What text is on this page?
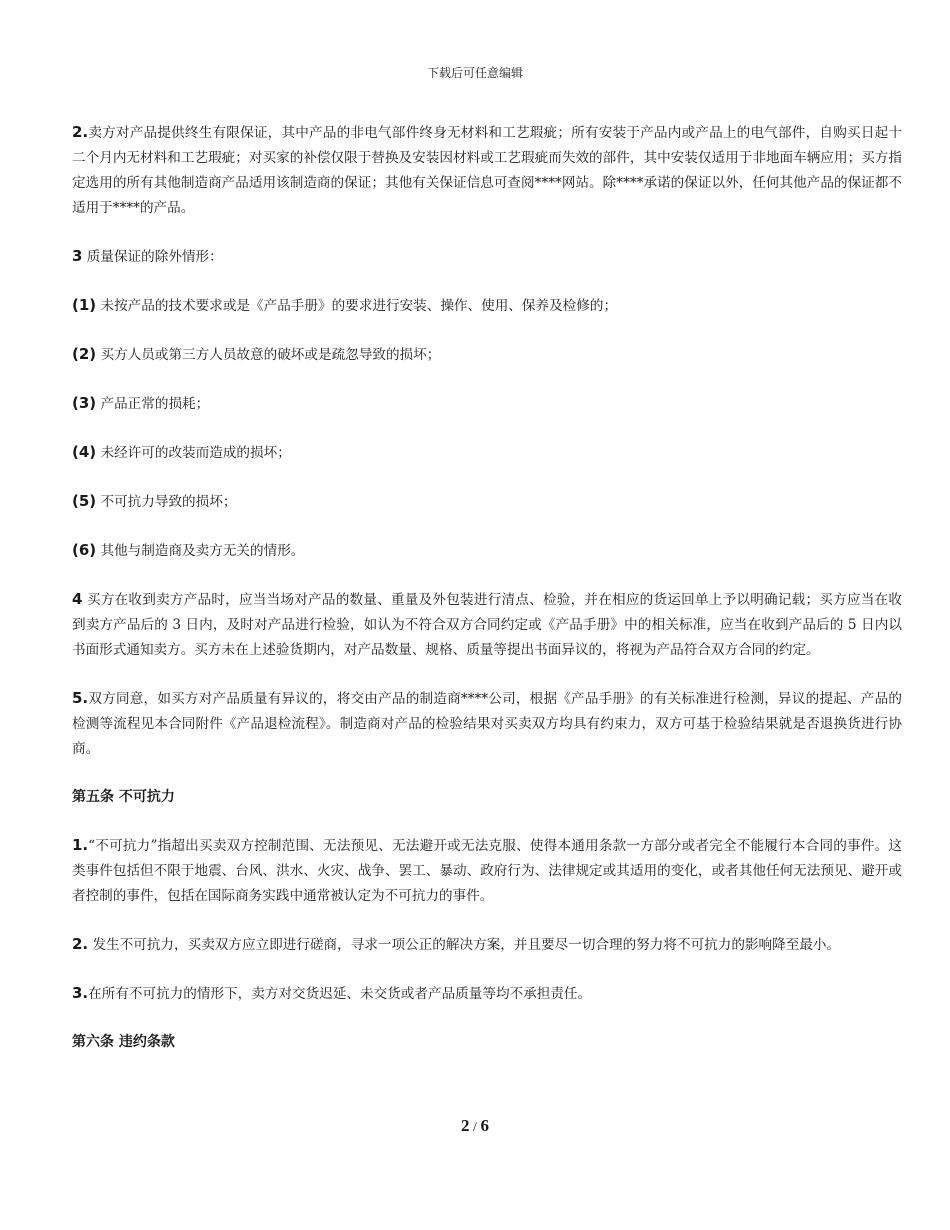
下载后可任意编辑

2.卖方对产品提供终生有限保证，其中产品的非电气部件终身无材料和工艺瑕疵；所有安装于产品内或产品上的电气部件，自购买日起十二个月内无材料和工艺瑕疵；对买家的补偿仅限于替换及安装因材料或工艺瑕疵而失效的部件，其中安装仅适用于非地面车辆应用；买方指定选用的所有其他制造商产品适用该制造商的保证；其他有关保证信息可查阅****网站。除****承诺的保证以外，任何其他产品的保证都不适用于****的产品。

3 质量保证的除外情形：

(1) 未按产品的技术要求或是《产品手册》的要求进行安装、操作、使用、保养及检修的；

(2) 买方人员或第三方人员故意的破坏或是疏忽导致的损坏；

(3) 产品正常的损耗；

(4) 未经许可的改装而造成的损坏；

(5) 不可抗力导致的损坏；

(6) 其他与制造商及卖方无关的情形。

4 买方在收到卖方产品时，应当当场对产品的数量、重量及外包装进行清点、检验，并在相应的货运回单上予以明确记载；买方应当在收到卖方产品后的 3 日内，及时对产品进行检验，如认为不符合双方合同约定或《产品手册》中的相关标准，应当在收到产品后的 5 日内以书面形式通知卖方。买方未在上述验货期内，对产品数量、规格、质量等提出书面异议的，将视为产品符合双方合同的约定。

5.双方同意，如买方对产品质量有异议的，将交由产品的制造商****公司，根据《产品手册》的有关标准进行检测，异议的提起、产品的检测等流程见本合同附件《产品退检流程》。制造商对产品的检验结果对买卖双方均具有约束力，双方可基于检验结果就是否退换货进行协商。

第五条 不可抗力

1.“不可抗力”指超出买卖双方控制范围、无法预见、无法避开或无法克服、使得本通用条款一方部分或者完全不能履行本合同的事件。这类事件包括但不限于地震、台风、洪水、火灾、战争、罢工、暴动、政府行为、法律规定或其适用的变化，或者其他任何无法预见、避开或者控制的事件，包括在国际商务实践中通常被认定为不可抗力的事件。

2. 发生不可抗力，买卖双方应立即进行磋商，寻求一项公正的解决方案，并且要尽一切合理的努力将不可抗力的影响降至最小。

3.在所有不可抗力的情形下，卖方对交货迟延、未交货或者产品质量等均不承担责任。

第六条 违约条款
2 / 6
